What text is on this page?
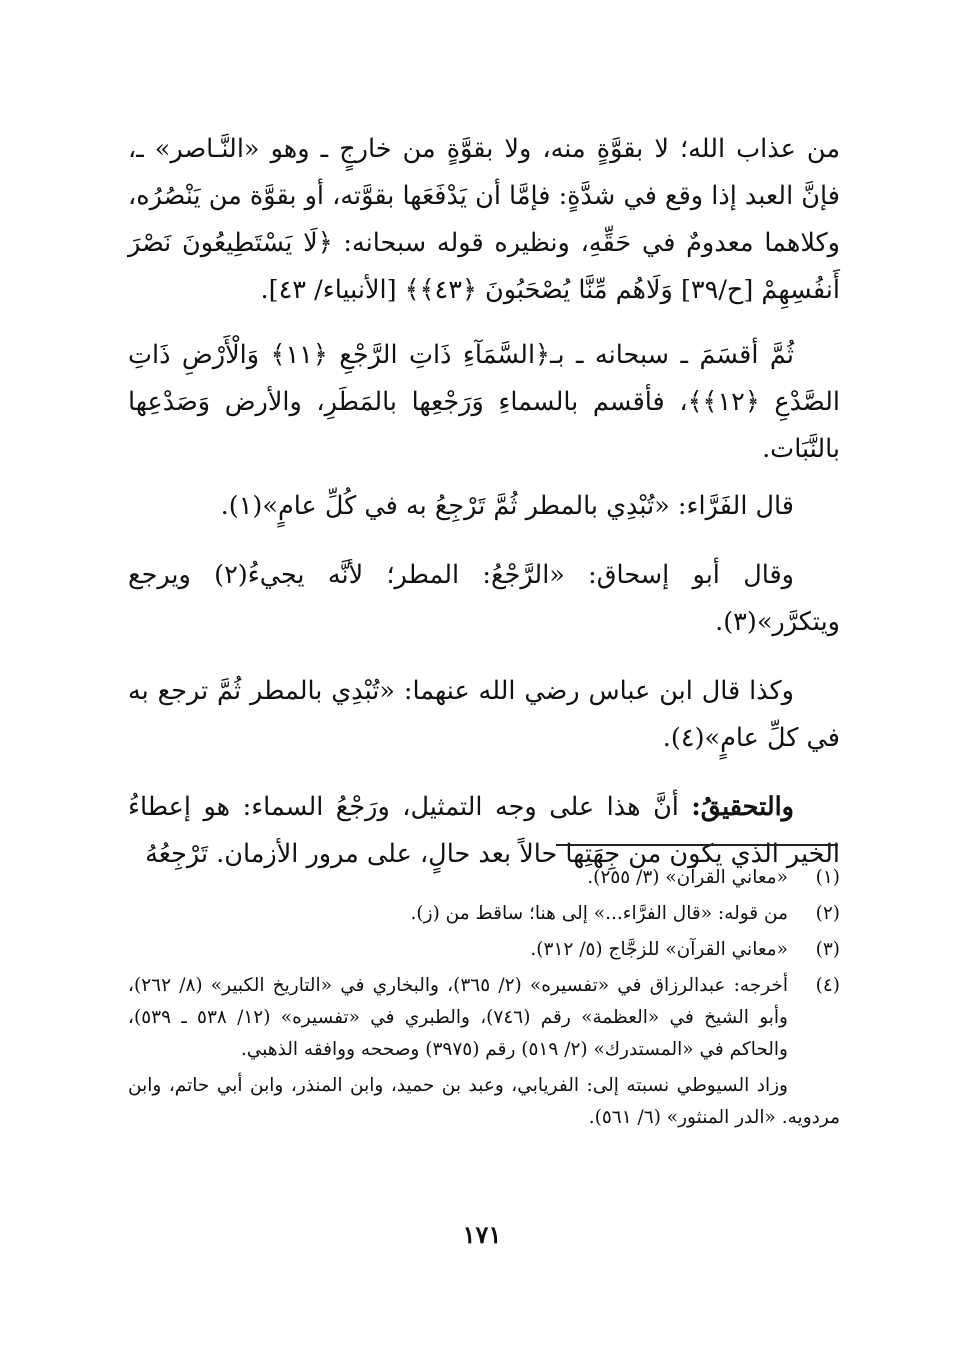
من عذاب الله؛ لا بقوَّةٍ منه، ولا بقوَّةٍ من خارجٍ ـ وهو «النَّـاصر» ـ، فإنَّ العبد إذا وقع في شدَّةٍ: فإمَّا أن يَدْفَعَها بقوَّته، أو بقوَّة من يَنْصُرُه، وكلاهما معدومٌ في حَقِّهِ، ونظيره قوله سبحانه: ﴿لَا يَسْتَطِيعُونَ نَصْرَ أَنفُسِهِمْ [ح/٣٩] وَلَاهُم مِّنَّا يُصْحَبُونَ ﴿٤٣﴾﴾ [الأنبياء/ ٤٣].

ثُمَّ أقسَمَ ـ سبحانه ـ بـ﴿السَّمَآءِ ذَاتِ الرَّجْعِ ﴿١١﴾ وَالْأَرْضِ ذَاتِ الصَّدْعِ ﴿١٢﴾﴾، فأقسم بالسماءِ وَرَجْعِها بالمَطَرِ، والأرض وَصَدْعِها بالنَّبَات.

قال الفَرَّاء: «تُبْدِي بالمطر ثُمَّ تَرْجِعُ به في كُلِّ عامٍ»(١).

وقال أبو إسحاق: «الرَّجْعُ: المطر؛ لأنَّه يجيءُ(٢) ويرجع ويتكرَّر»(٣).

وكذا قال ابن عباس رضي الله عنهما: «تُبْدِي بالمطر ثُمَّ ترجع به في كلِّ عامٍ»(٤).

والتحقيقُ: أنَّ هذا على وجه التمثيل، ورَجْعُ السماء: هو إعطاءُ الخير الذي يكون من جِهَتِها حالاً بعد حالٍ، على مرور الأزمان. تَرْجِعُهُ

(١)
«معاني القرآن» (٣/ ٢٥٥).
(٢)
من قوله: «قال الفرَّاء...» إلى هنا؛ ساقط من (ز).
(٣)
«معاني القرآن» للزجَّاج (٥/ ٣١٢).
(٤)
أخرجه: عبدالرزاق في «تفسيره» (٢/ ٣٦٥)، والبخاري في «التاريخ الكبير» (٨/ ٢٦٢)، وأبو الشيخ في «العظمة» رقم (٧٤٦)، والطبري في «تفسيره» (١٢/ ٥٣٨ ـ ٥٣٩)، والحاكم في «المستدرك» (٢/ ٥١٩) رقم (٣٩٧٥) وصححه ووافقه الذهبي.

وزاد السيوطي نسبته إلى: الفريابي، وعبد بن حميد، وابن المنذر، وابن أبي حاتم، وابن مردويه. «الدر المنثور» (٦/ ٥٦١).

١٧١
